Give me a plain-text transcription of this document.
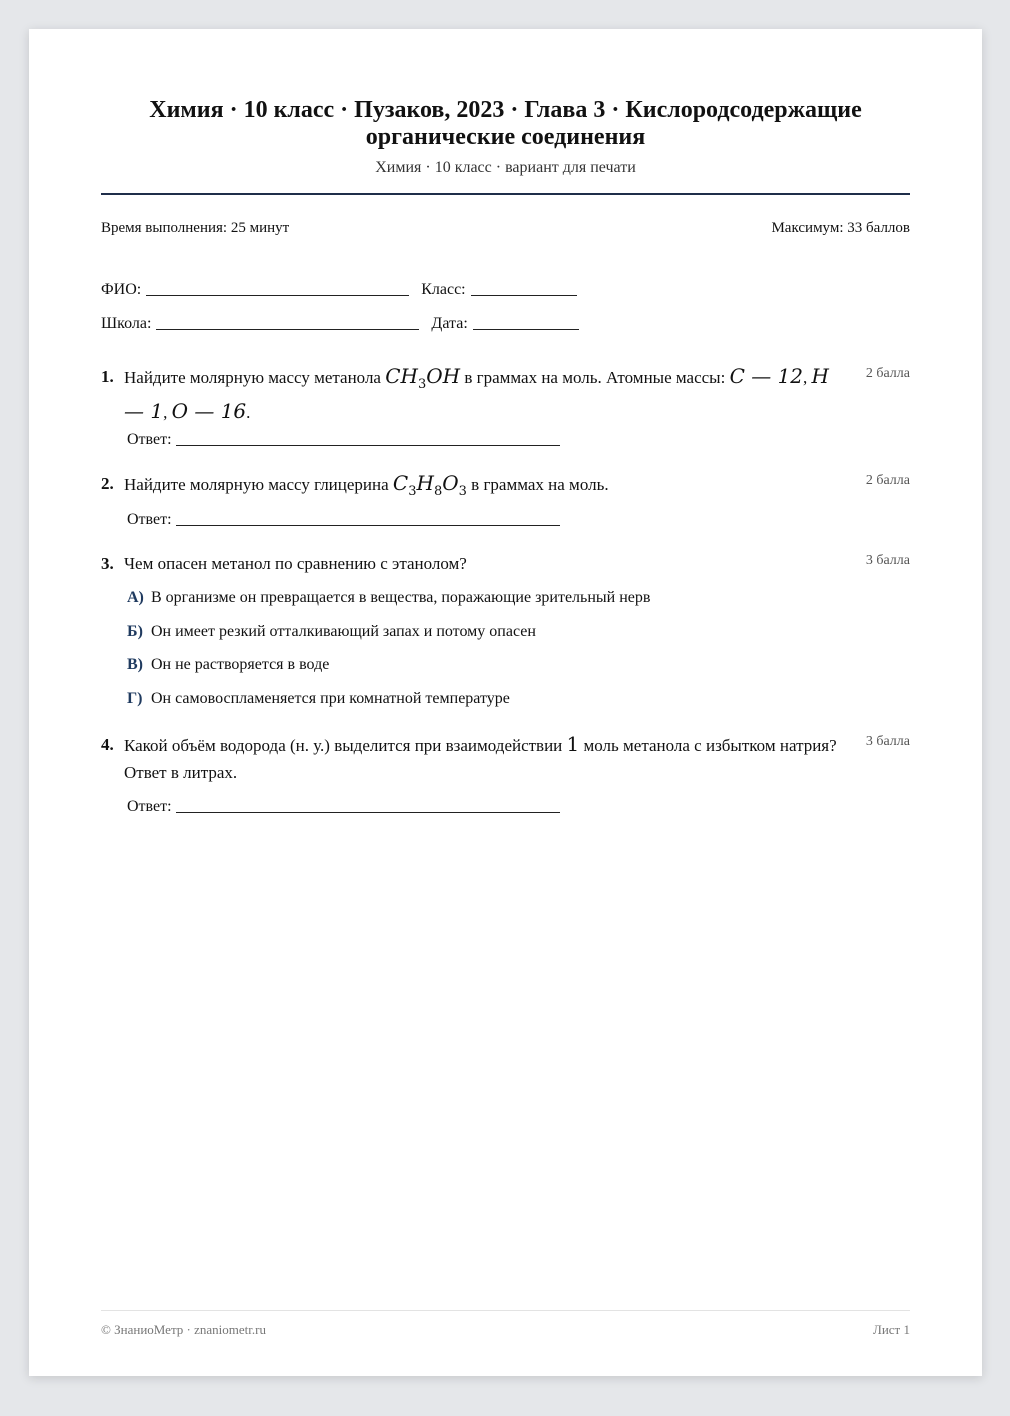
Химия · 10 класс · Пузаков, 2023 · Глава 3 · Кислородсодержащие органические соединения
Химия · 10 класс · вариант для печати
Время выполнения: 25 минут	Максимум: 33 баллов
ФИО:	Класс:
Школа:	Дата:
1. Найдите молярную массу метанола $CH_3OH$ в граммах на моль. Атомные массы: C — 12, H — 1, O — 16.
2 балла
Ответ:
2. Найдите молярную массу глицерина $C_3H_8O_3$ в граммах на моль.	2 балла
Ответ:
3. Чем опасен метанол по сравнению с этанолом?	3 балла
А) В организме он превращается в вещества, поражающие зрительный нерв
Б) Он имеет резкий отталкивающий запах и потому опасен
В) Он не растворяется в воде
Г) Он самовоспламеняется при комнатной температуре
4. Какой объём водорода (н. у.) выделится при взаимодействии 1 моль метанола с избытком натрия? Ответ в литрах.
3 балла
Ответ:
© ЗнаниоМетр · znaniometr.ru	Лист 1
